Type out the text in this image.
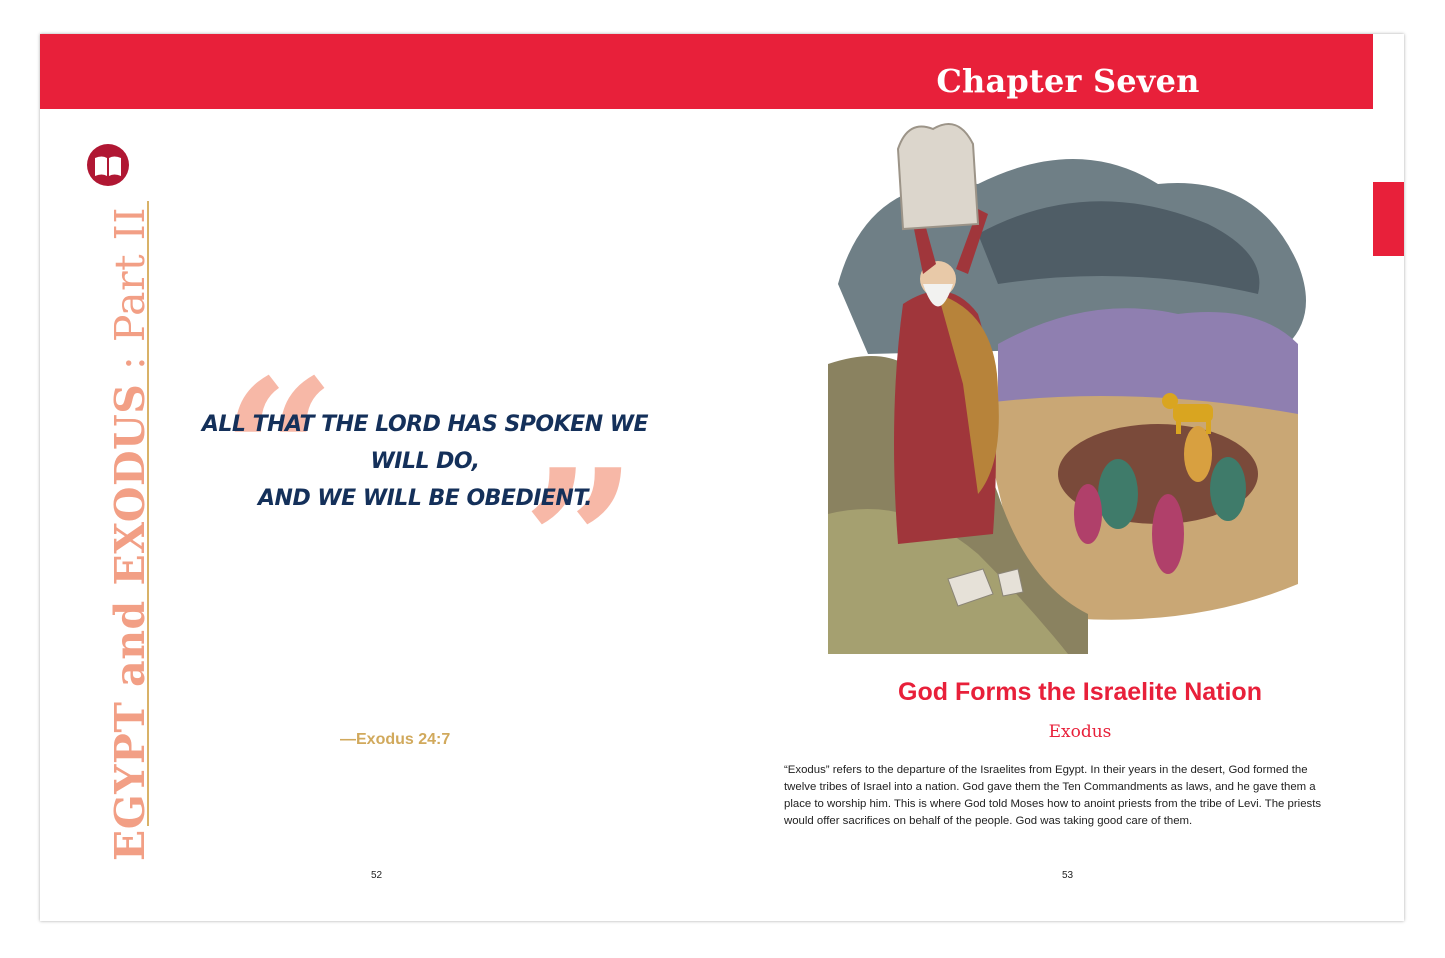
Chapter Seven
EGYPT and EXODUS : Part II
“ ”
ALL THAT THE LORD HAS SPOKEN WE WILL DO,
AND WE WILL BE OBEDIENT.
—Exodus 24:7
52
God Forms the Israelite Nation
Exodus
“Exodus” refers to the departure of the Israelites from Egypt. In their years in the desert, God formed the twelve tribes of Israel into a nation. God gave them the Ten Commandments as laws, and he gave them a place to worship him. This is where God told Moses how to anoint priests from the tribe of Levi. The priests would offer sacrifices on behalf of the people. God was taking good care of them.
53
